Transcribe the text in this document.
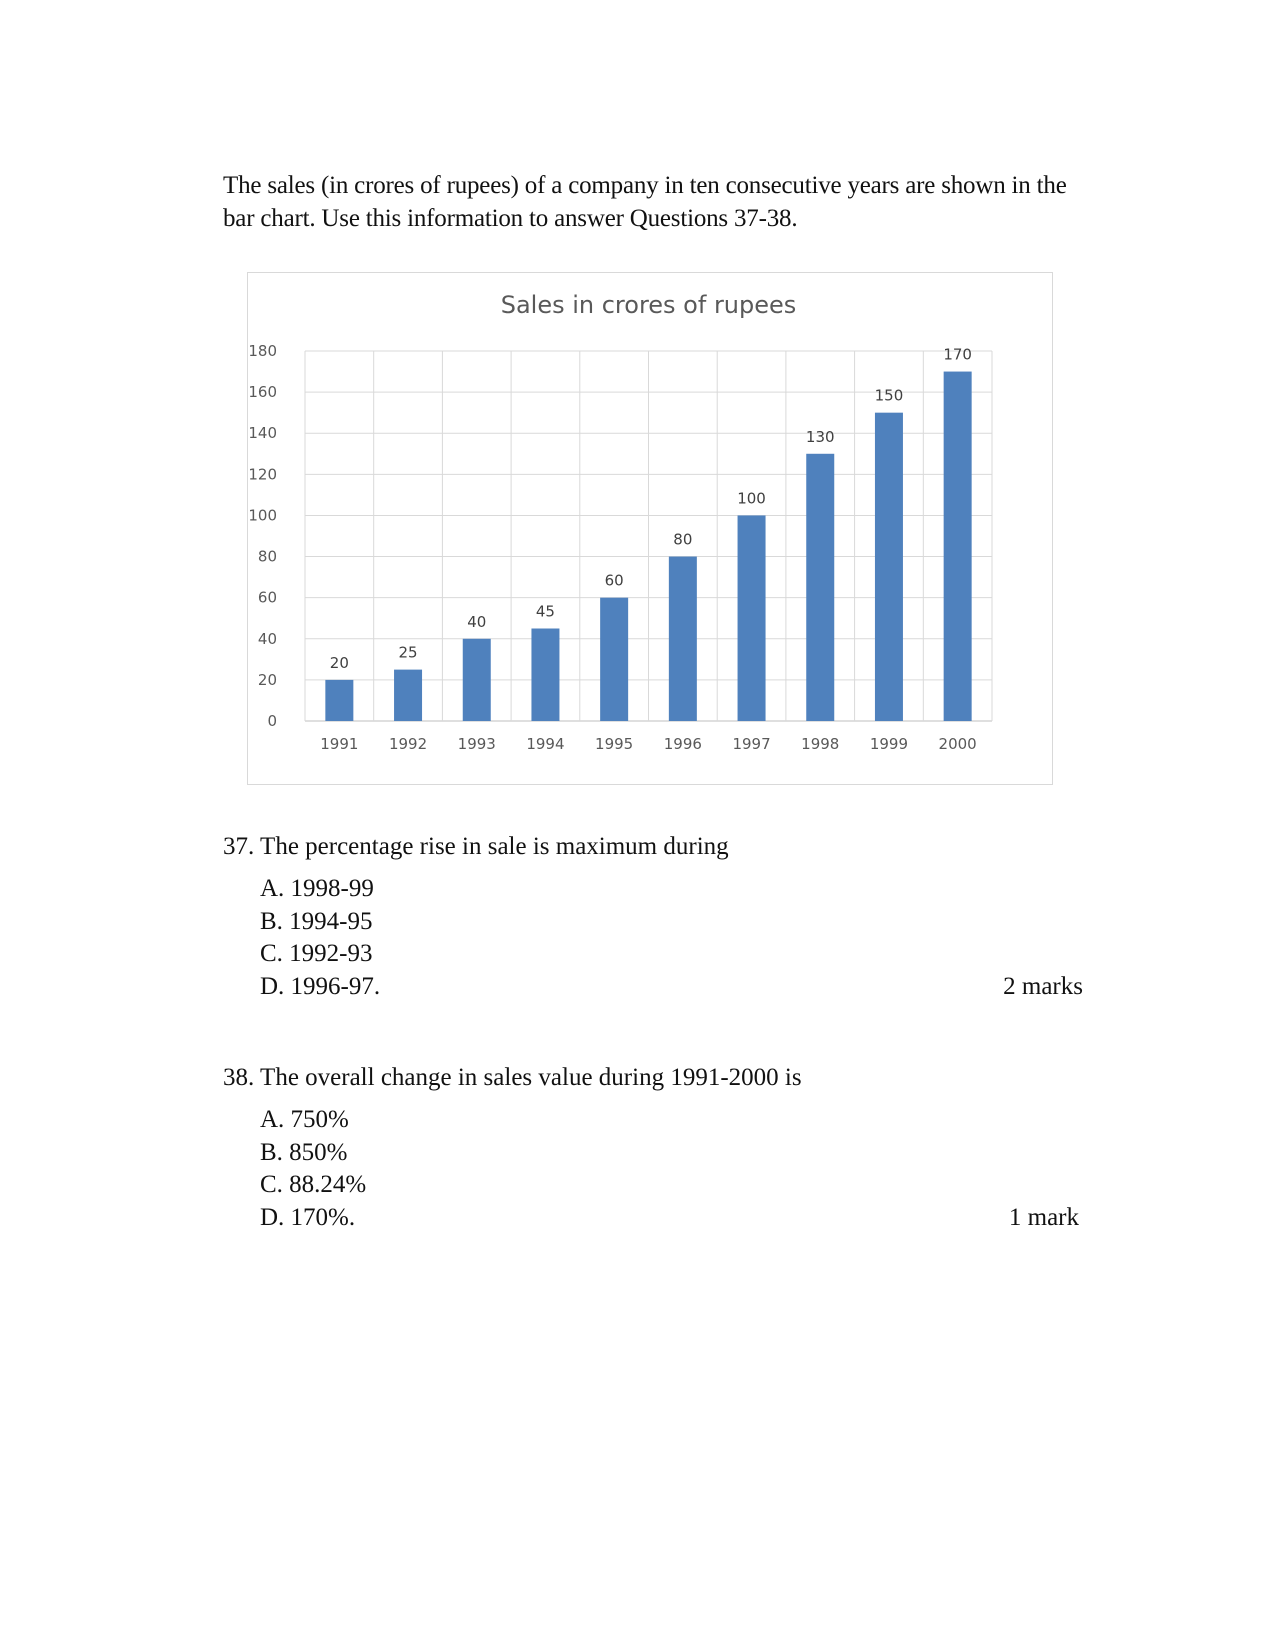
The sales (in crores of rupees) of a company in ten consecutive years are shown in the bar chart. Use this information to answer Questions 37-38.

Sales in crores of rupees
0
20
40
60
80
100
120
140
160
180
20
1991
25
1992
40
1993
45
1994
60
1995
80
1996
100
1997
130
1998
150
1999
170
2000

37. The percentage rise in sale is maximum during

A. 1998-99
B. 1994-95
C. 1992-93
D. 1996-97.	2 marks

38. The overall change in sales value during 1991-2000 is

A. 750%
B. 850%
C. 88.24%
D. 170%.	1 mark
